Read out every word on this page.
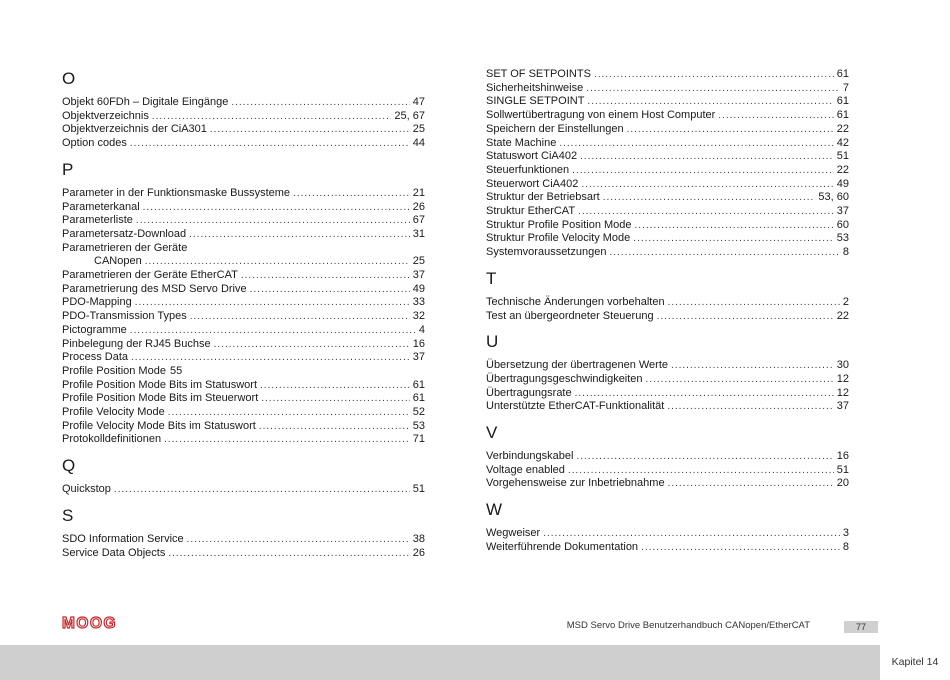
O
Objekt 60FDh – Digitale Eingänge .....	47
Objektverzeichnis .....	25, 67
Objektverzeichnis der CiA301 .....	25
Option codes .....	44
P
Parameter in der Funktionsmaske Bussysteme .....	21
Parameterkanal .....	26
Parameterliste .....	67
Parametersatz-Download .....	31
Parametrieren der Geräte
CANopen .....	25
Parametrieren der Geräte EtherCAT .....	37
Parametrierung des MSD Servo Drive .....	49
PDO-Mapping .....	33
PDO-Transmission Types .....	32
Pictogramme .....	4
Pinbelegung der RJ45 Buchse .....	16
Process Data .....	37
Profile Position Mode 55
Profile Position Mode Bits im Statuswort .....	61
Profile Position Mode Bits im Steuerwort .....	61
Profile Velocity Mode .....	52
Profile Velocity Mode Bits im Statuswort .....	53
Protokolldefinitionen .....	71
Q
Quickstop .....	51
S
SDO Information Service .....	38
Service Data Objects .....	26
SET OF SETPOINTS .....	61
Sicherheitshinweise .....	7
SINGLE SETPOINT .....	61
Sollwertübertragung von einem Host Computer .....	61
Speichern der Einstellungen .....	22
State Machine .....	42
Statuswort CiA402 .....	51
Steuerfunktionen .....	22
Steuerwort CiA402 .....	49
Struktur der Betriebsart .....	53, 60
Struktur EtherCAT .....	37
Struktur Profile Position Mode .....	60
Struktur Profile Velocity Mode .....	53
Systemvoraussetzungen .....	8
T
Technische Änderungen vorbehalten .....	2
Test an übergeordneter Steuerung .....	22
U
Übersetzung der übertragenen Werte .....	30
Übertragungsgeschwindigkeiten .....	12
Übertragungsrate .....	12
Unterstützte EtherCAT-Funktionalität .....	37
V
Verbindungskabel .....	16
Voltage enabled .....	51
Vorgehensweise zur Inbetriebnahme .....	20
W
Wegweiser .....	3
Weiterführende Dokumentation .....	8
MOOG	MSD Servo Drive Benutzerhandbuch CANopen/EtherCAT	77
Kapitel 14
